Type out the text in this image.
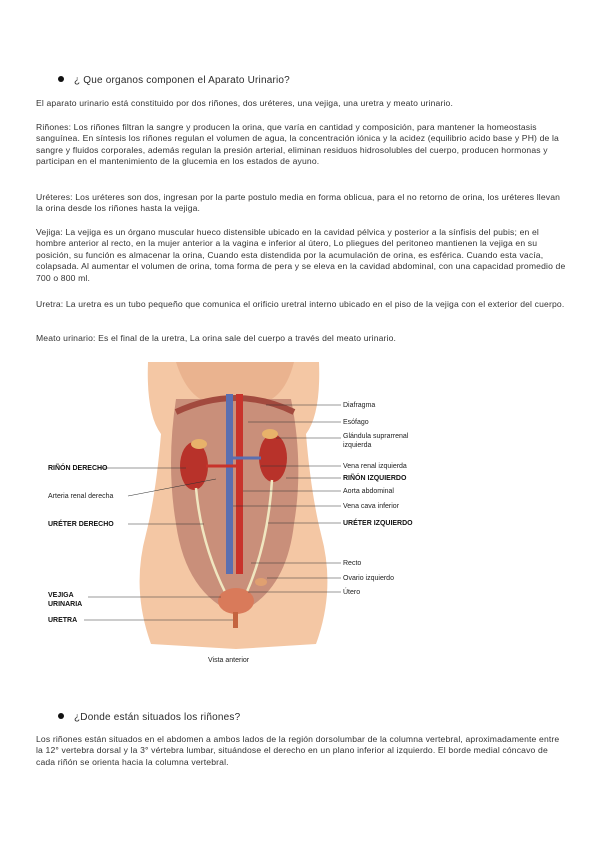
¿ Que organos componen el Aparato Urinario?
El aparato urinario está constituido por dos riñones, dos uréteres, una vejiga, una uretra y meato urinario.
Riñones: Los riñones filtran la sangre y producen la orina, que varía en cantidad y composición, para mantener la homeostasis sanguínea. En síntesis los riñones regulan el volumen de agua, la concentración iónica y la acidez (equilibrio acido base y PH) de la sangre y fluidos corporales, además regulan la presión arterial, eliminan residuos hidrosolubles del cuerpo, producen hormonas y participan en el mantenimiento de la glucemia en los estados de ayuno.
Uréteres: Los uréteres son dos, ingresan por la parte postulo media en forma oblicua, para el no retorno de orina, los uréteres llevan la orina desde los riñones hasta la vejiga.
Vejiga: La vejiga es un órgano muscular hueco distensible ubicado en la cavidad pélvica y posterior a la sínfisis del pubis; en el hombre anterior al recto, en la mujer anterior a la vagina e inferior al útero, Lo pliegues del peritoneo mantienen la vejiga en su posición, su función es almacenar la orina, Cuando esta distendida por la acumulación de orina, es esférica. Cuando esta vacía, colapsada. Al aumentar el volumen de orina, toma forma de pera y se eleva en la cavidad abdominal, con una capacidad promedio de 700 o 800 ml.
Uretra: La uretra es un tubo pequeño que comunica el orificio uretral interno ubicado en el piso de la vejiga con el exterior del cuerpo.
Meato urinario: Es el final de la uretra, La orina sale del cuerpo a través del meato urinario.
RIÑÓN DERECHO
Arteria renal derecha
URÉTER DERECHO
VEJIGA
URINARIA
URETRA
Diafragma
Esófago
Glándula suprarrenal
izquierda
Vena renal izquierda
RIÑÓN IZQUIERDO
Aorta abdominal
Vena cava inferior
URÉTER IZQUIERDO
Recto
Ovario izquierdo
Útero
Vista anterior
¿Donde están situados los riñones?
Los riñones están situados en el abdomen a ambos lados de la región dorsolumbar de la columna vertebral, aproximadamente entre la 12° vertebra dorsal y la 3° vértebra lumbar, situándose el derecho en un plano inferior al izquierdo. El borde medial cóncavo de cada riñón se orienta hacia la columna vertebral.
